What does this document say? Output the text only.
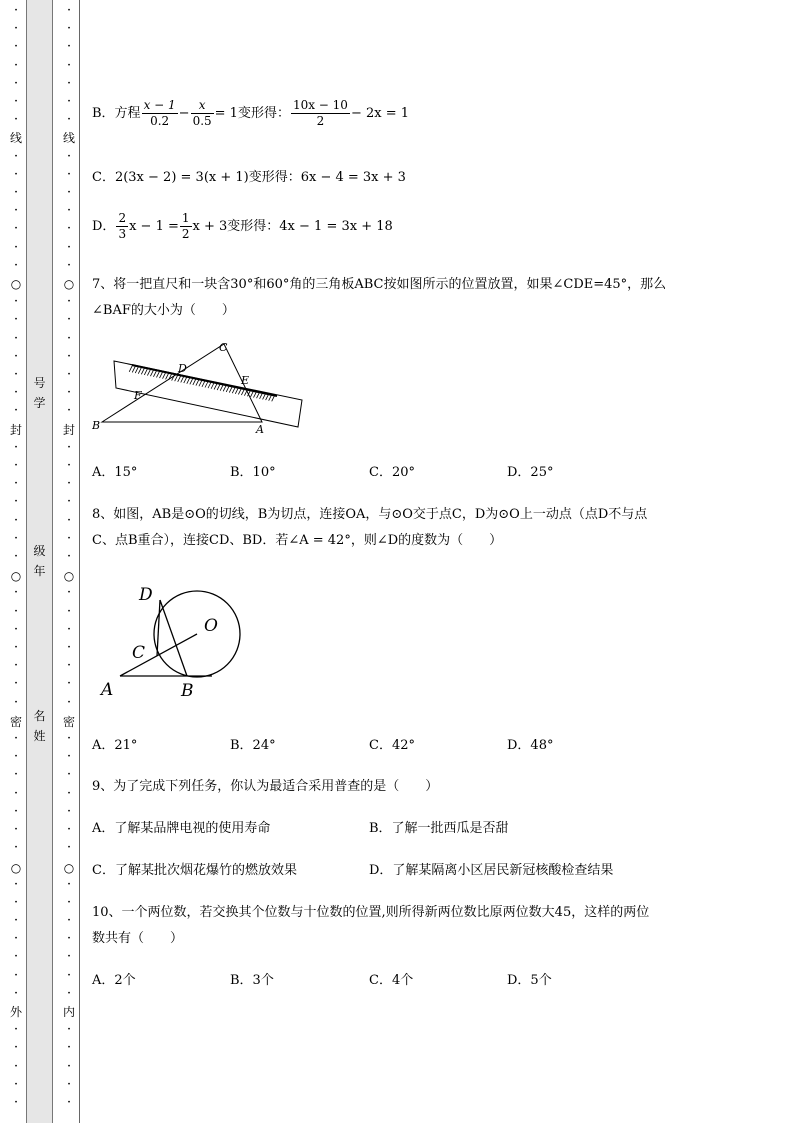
线
封
密
外
○
○
○
•
•
•
•
•
•
•
•
•
•
•
•
•
•
•
•
•
•
•
•
•
•
•
•
•
•
•
•
•
•
•
•
•
•
•
•
•
•
•
•
•
•
•
•
•
•
•
•
•
•
•
•
•
•
号
学
级
年
名
姓
线
封
密
内
○
○
○
•
•
•
•
•
•
•
•
•
•
•
•
•
•
•
•
•
•
•
•
•
•
•
•
•
•
•
•
•
•
•
•
•
•
•
•
•
•
•
•
•
•
•
•
•
•
•
•
•
•
•
•
•
•
B．方程 $\frac{x - 1}{0.2} - \frac{x}{0.5} = 1$变形得： $\frac{10x - 10}{2} - 2x = 1$
C．2(3x − 2) = 3(x + 1)变形得：6x − 4 = 3x + 3
D． $\frac{2}{3}$ $x - 1 = \frac{1}{2}$ x + 3变形得：4x − 1 = 3x + 18
7、将一把直尺和一块含30°和60°角的三角板ABC按如图所示的位置放置，如果∠CDE=45°，那么
∠BAF的大小为（　　）
C
D
E
F
B	A
A．15°	B．10°	C．20°	D．25°
8、如图，AB是⊙O的切线，B为切点，连接OA，与⊙O交于点C，D为⊙O上一动点（点D不与点
C、点B重合），连接CD、BD．若∠A = 42°，则∠D的度数为（　　）
D
O
C
A	B
A．21°	B．24°	C．42°	D．48°
9、为了完成下列任务，你认为最适合采用普查的是（　　）
A．了解某品牌电视的使用寿命	B．了解一批西瓜是否甜
C．了解某批次烟花爆竹的燃放效果	D．了解某隔离小区居民新冠核酸检查结果
10、一个两位数，若交换其个位数与十位数的位置,则所得新两位数比原两位数大45，这样的两位
数共有（　　）
A．2个	B．3个	C．4个	D．5个
